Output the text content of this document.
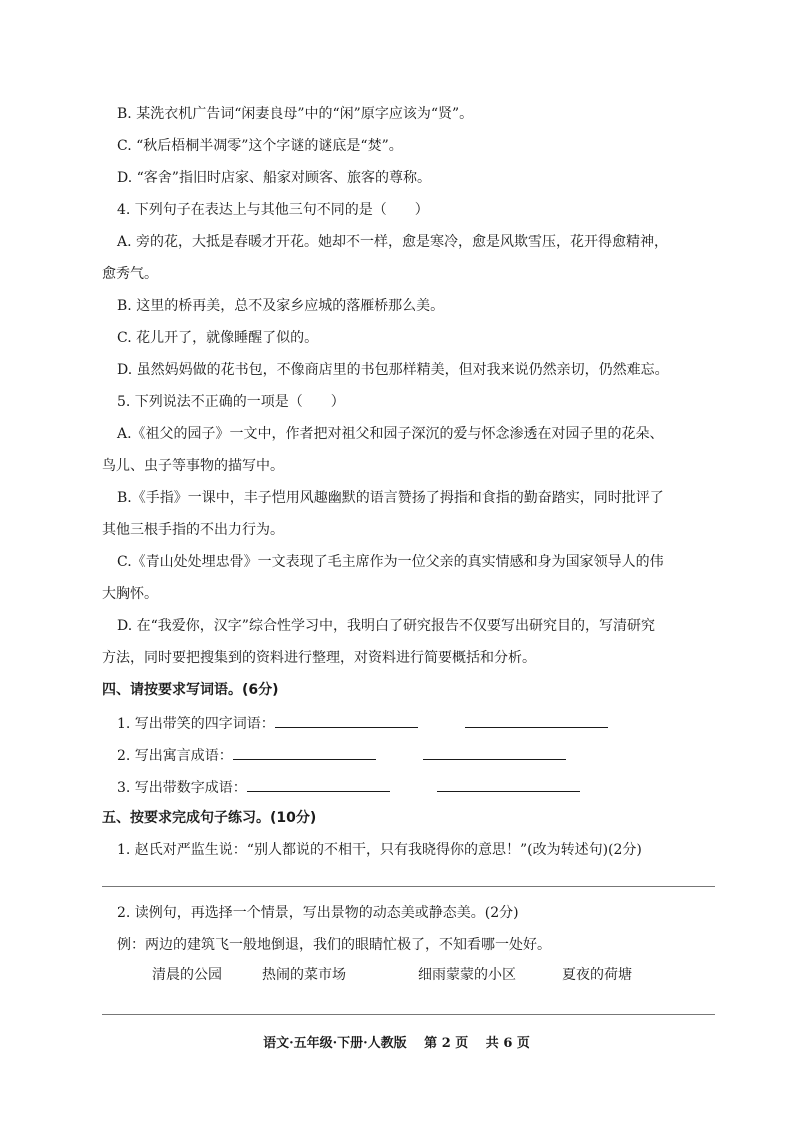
B. 某洗衣机广告词“闲妻良母”中的“闲”原字应该为“贤”。
C. “秋后梧桐半凋零”这个字谜的谜底是“焚”。
D. “客舍”指旧时店家、船家对顾客、旅客的尊称。
4. 下列句子在表达上与其他三句不同的是（　　）
A. 旁的花，大抵是春暖才开花。她却不一样，愈是寒冷，愈是风欺雪压，花开得愈精神，
愈秀气。
B. 这里的桥再美，总不及家乡应城的落雁桥那么美。
C. 花儿开了，就像睡醒了似的。
D. 虽然妈妈做的花书包，不像商店里的书包那样精美，但对我来说仍然亲切，仍然难忘。
5. 下列说法不正确的一项是（　　）
A.《祖父的园子》一文中，作者把对祖父和园子深沉的爱与怀念渗透在对园子里的花朵、
鸟儿、虫子等事物的描写中。
B.《手指》一课中，丰子恺用风趣幽默的语言赞扬了拇指和食指的勤奋踏实，同时批评了
其他三根手指的不出力行为。
C.《青山处处埋忠骨》一文表现了毛主席作为一位父亲的真实情感和身为国家领导人的伟
大胸怀。
D. 在“我爱你，汉字”综合性学习中，我明白了研究报告不仅要写出研究目的，写清研究
方法，同时要把搜集到的资料进行整理，对资料进行简要概括和分析。
四、请按要求写词语。(6分)
1. 写出带笑的四字词语：
2. 写出寓言成语：
3. 写出带数字成语：
五、按要求完成句子练习。(10分)
1. 赵氏对严监生说：“别人都说的不相干，只有我晓得你的意思！”(改为转述句)(2分)
2. 读例句，再选择一个情景，写出景物的动态美或静态美。(2分)
例：两边的建筑飞一般地倒退，我们的眼睛忙极了，不知看哪一处好。
清晨的公园	热闹的菜市场	细雨蒙蒙的小区	夏夜的荷塘
语文·五年级·下册·人教版　 第 2 页　 共 6 页
